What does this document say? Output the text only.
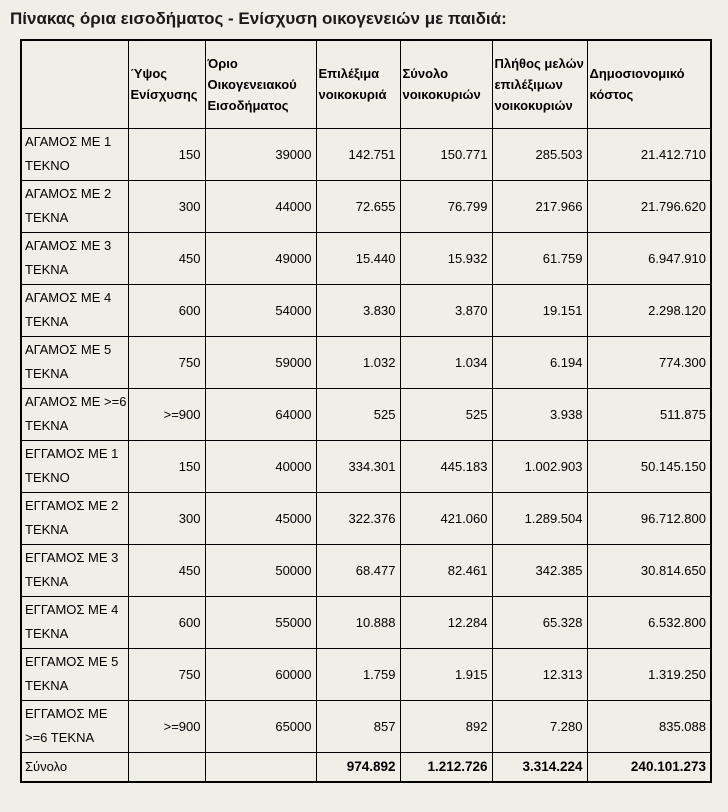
Πίνακας όρια εισοδήματος - Ενίσχυση οικογενειών με παιδιά:
	Ύψος Ενίσχυσης	Όριο Οικογενειακού Εισοδήματος	Επιλέξιμα νοικοκυριά	Σύνολο νοικοκυριών	Πλήθος μελών επιλέξιμων νοικοκυριών	Δημοσιονομικό κόστος
ΑΓΑΜΟΣ ΜΕ 1 ΤΕΚΝΟ	150	39000	142.751	150.771	285.503	21.412.710
ΑΓΑΜΟΣ ΜΕ 2 ΤΕΚΝΑ	300	44000	72.655	76.799	217.966	21.796.620
ΑΓΑΜΟΣ ΜΕ 3 ΤΕΚΝΑ	450	49000	15.440	15.932	61.759	6.947.910
ΑΓΑΜΟΣ ΜΕ 4 ΤΕΚΝΑ	600	54000	3.830	3.870	19.151	2.298.120
ΑΓΑΜΟΣ ΜΕ 5 ΤΕΚΝΑ	750	59000	1.032	1.034	6.194	774.300
ΑΓΑΜΟΣ ΜΕ >=6 ΤΕΚΝΑ	>=900	64000	525	525	3.938	511.875
ΕΓΓΑΜΟΣ ΜΕ 1 ΤΕΚΝΟ	150	40000	334.301	445.183	1.002.903	50.145.150
ΕΓΓΑΜΟΣ ΜΕ 2 ΤΕΚΝΑ	300	45000	322.376	421.060	1.289.504	96.712.800
ΕΓΓΑΜΟΣ ΜΕ 3 ΤΕΚΝΑ	450	50000	68.477	82.461	342.385	30.814.650
ΕΓΓΑΜΟΣ ΜΕ 4 ΤΕΚΝΑ	600	55000	10.888	12.284	65.328	6.532.800
ΕΓΓΑΜΟΣ ΜΕ 5 ΤΕΚΝΑ	750	60000	1.759	1.915	12.313	1.319.250
ΕΓΓΑΜΟΣ ΜΕ >=6 ΤΕΚΝΑ	>=900	65000	857	892	7.280	835.088
Σύνολο			974.892	1.212.726	3.314.224	240.101.273
